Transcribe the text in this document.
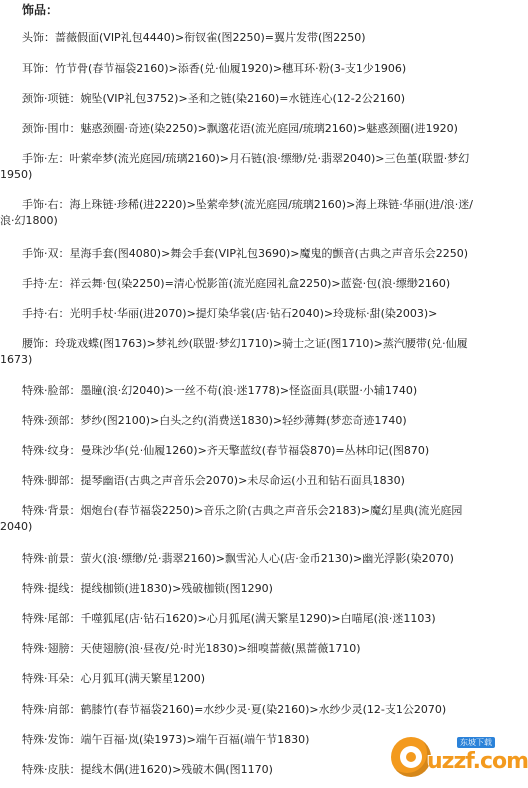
饰品：
头饰：蔷薇假面(VIP礼包4440)>衔钗雀(图2250)=翼片发带(图2250)
耳饰：竹节骨(春节福袋2160)>添香(兑·仙履1920)>穗耳环·粉(3-支1少1906)
颈饰·项链：婉坠(VIP礼包3752)>圣和之链(染2160)=水链连心(12-2公2160)
颈饰·围巾：魅惑颈圈·奇迹(染2250)>飘邈花语(流光庭园/琉璃2160)>魅惑颈圈(进1920)
手饰·左：叶萦牵梦(流光庭园/琉璃2160)>月石链(浪·缥缈/兑·翡翠2040)>三色堇(联盟·梦幻
1950)
手饰·右：海上珠链·珍稀(进2220)>坠萦牵梦(流光庭园/琉璃2160)>海上珠链·华丽(进/浪·迷/
浪·幻1800)
手饰·双：星海手套(图4080)>舞会手套(VIP礼包3690)>魔鬼的颤音(古典之声音乐会2250)
手持·左：祥云舞·包(染2250)=清心悦影笛(流光庭园礼盒2250)>蓝瓷·包(浪·缥缈2160)
手持·右：光明手杖·华丽(进2070)>提灯染华裳(店·钻石2040)>玲珑标·甜(染2003)>
腰饰：玲珑戏蝶(图1763)>梦礼纱(联盟·梦幻1710)>骑士之证(图1710)>蒸汽腰带(兑·仙履
1673)
特殊·脸部：墨瞳(浪·幻2040)>一丝不苟(浪·迷1778)>怪盗面具(联盟·小辅1740)
特殊·颈部：梦纱(图2100)>白头之约(消费送1830)>轻纱薄舞(梦恋奇迹1740)
特殊·纹身：曼珠沙华(兑·仙履1260)>齐天擎蓝纹(春节福袋870)=丛林印记(图870)
特殊·脚部：提琴幽语(古典之声音乐会2070)>未尽命运(小丑和钻石面具1830)
特殊·背景：烟炮台(春节福袋2250)>音乐之阶(古典之声音乐会2183)>魔幻星典(流光庭园
2040)
特殊·前景：萤火(浪·缥缈/兑·翡翠2160)>飘雪沁人心(店·金币2130)>幽光浮影(染2070)
特殊·提线：提线枷锁(进1830)>残破枷锁(图1290)
特殊·尾部：千噬狐尾(店·钻石1620)>心月狐尾(满天繁星1290)>白喵尾(浪·迷1103)
特殊·翅膀：天使翅膀(浪·昼夜/兑·时光1830)>细嗅蔷薇(黑蔷薇1710)
特殊·耳朵：心月狐耳(满天繁星1200)
特殊·肩部：鹤膝竹(春节福袋2160)=水纱少灵·夏(染2160)>水纱少灵(12-支1公2070)
特殊·发饰：端午百福·岚(染1973)>端午百福(端午节1830)
特殊·皮肤：提线木偶(进1620)>残破木偶(图1170)
东坡下载
uzzf.com
